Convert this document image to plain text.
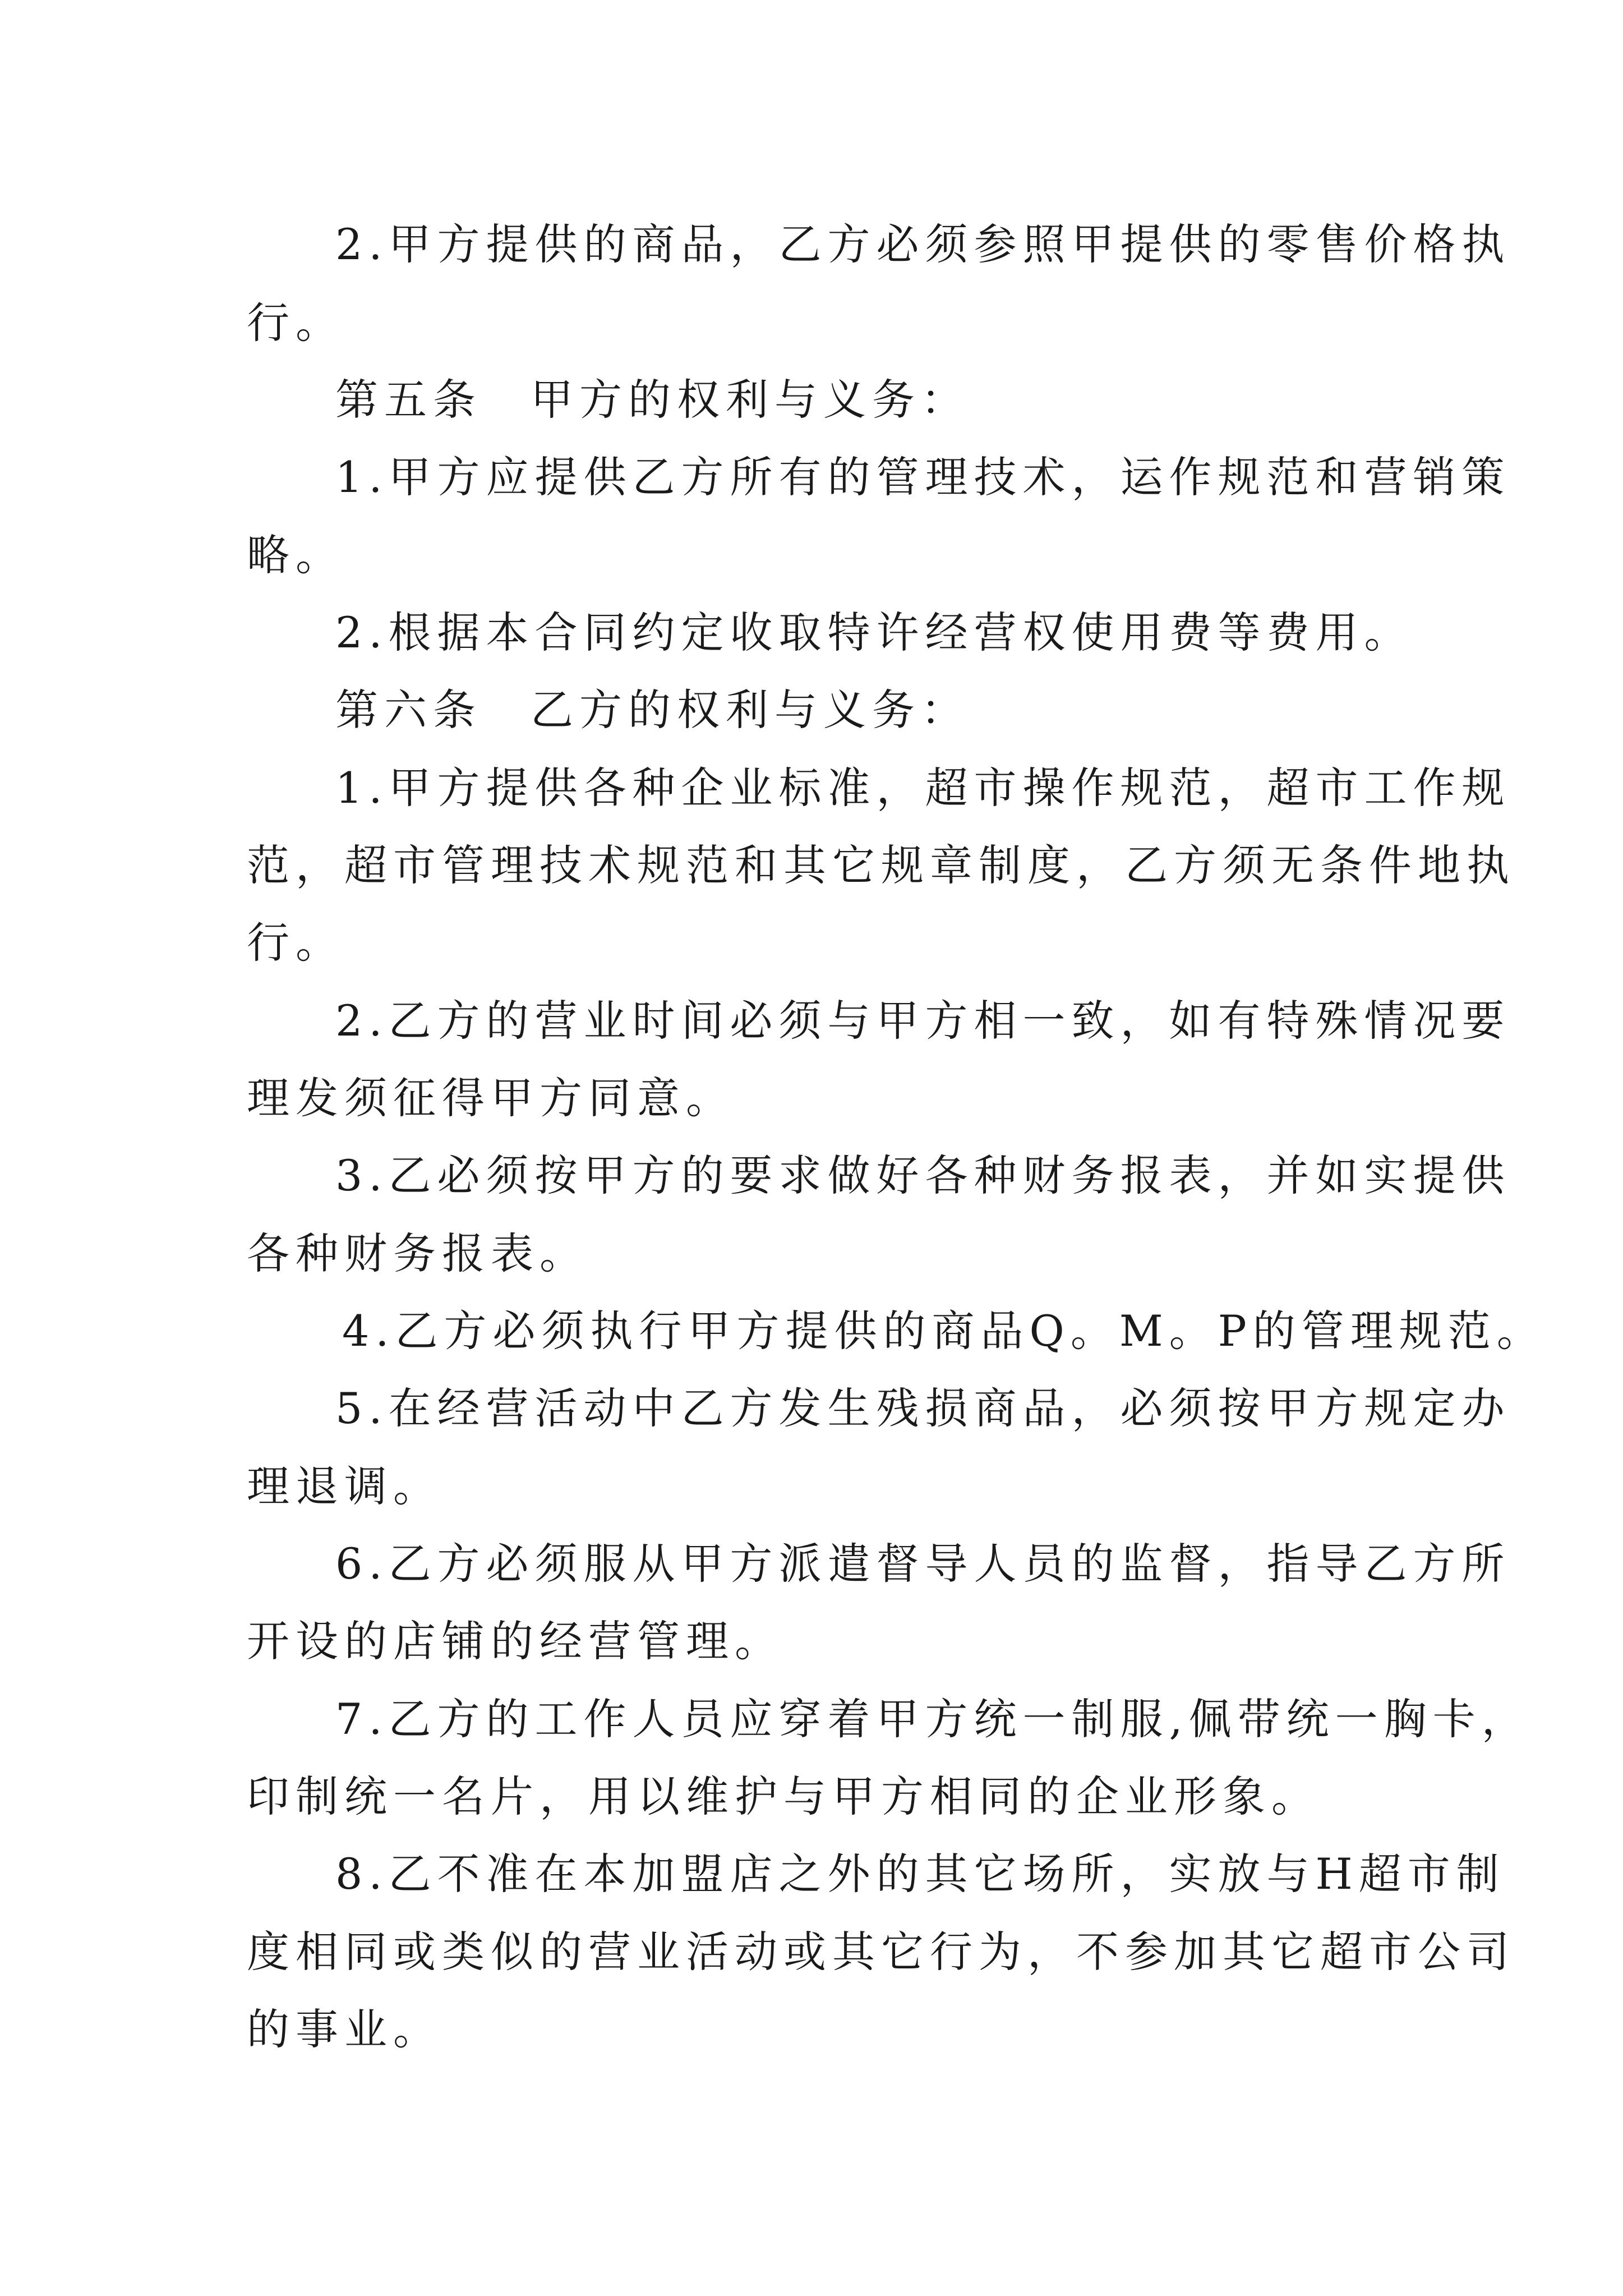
2.甲方提供的商品，乙方必须参照甲提供的零售价格执
行。
第五条　甲方的权利与义务：
1.甲方应提供乙方所有的管理技术，运作规范和营销策
略。
2.根据本合同约定收取特许经营权使用费等费用。
第六条　乙方的权利与义务：
1.甲方提供各种企业标准，超市操作规范，超市工作规
范，超市管理技术规范和其它规章制度，乙方须无条件地执
行。
2.乙方的营业时间必须与甲方相一致，如有特殊情况要
理发须征得甲方同意。
3.乙必须按甲方的要求做好各种财务报表，并如实提供
各种财务报表。
4.乙方必须执行甲方提供的商品Q。M。P的管理规范。
5.在经营活动中乙方发生残损商品，必须按甲方规定办
理退调。
6.乙方必须服从甲方派遣督导人员的监督，指导乙方所
开设的店铺的经营管理。
7.乙方的工作人员应穿着甲方统一制服,佩带统一胸卡，
印制统一名片，用以维护与甲方相同的企业形象。
8.乙不准在本加盟店之外的其它场所，实放与H超市制
度相同或类似的营业活动或其它行为，不参加其它超市公司
的事业。
